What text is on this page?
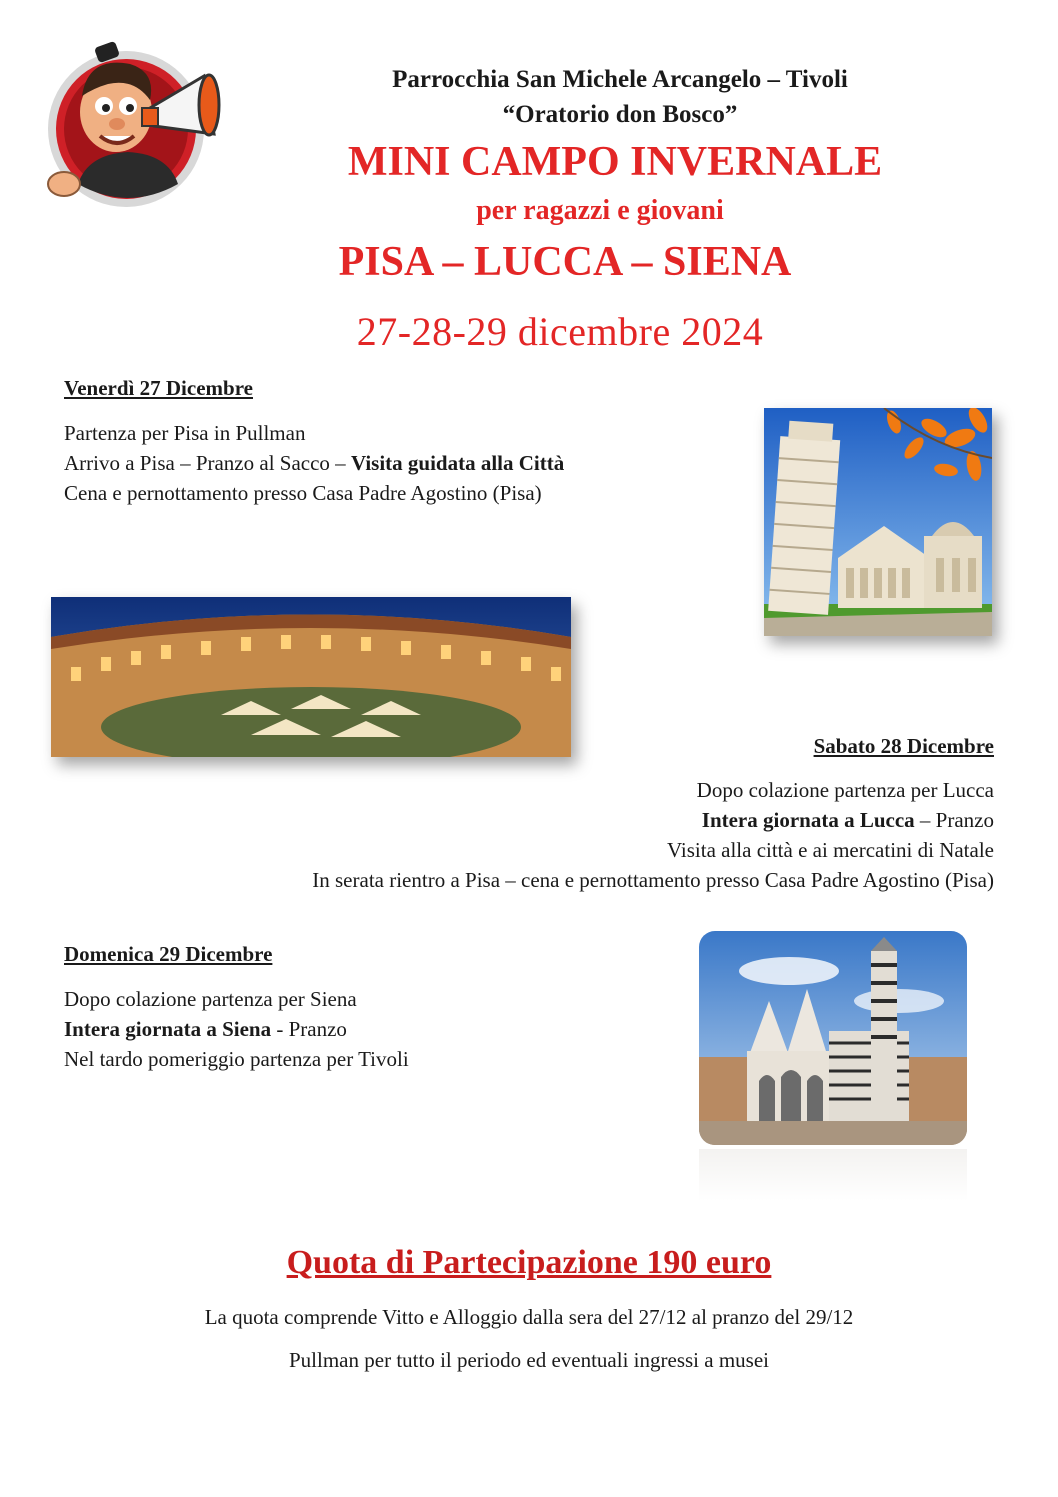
Parrocchia San Michele Arcangelo – Tivoli
“Oratorio don Bosco”
MINI CAMPO INVERNALE
per ragazzi e giovani
PISA – LUCCA – SIENA
27-28-29 dicembre 2024
Venerdì 27 Dicembre
Partenza per Pisa in Pullman
Arrivo a Pisa – Pranzo al Sacco – Visita guidata alla Città
Cena e pernottamento presso Casa Padre Agostino (Pisa)
Sabato 28 Dicembre
Dopo colazione partenza per Lucca
Intera giornata a Lucca – Pranzo
Visita alla città e ai mercatini di Natale
In serata rientro a Pisa – cena e pernottamento presso Casa Padre Agostino (Pisa)
Domenica 29 Dicembre
Dopo colazione partenza per Siena
Intera giornata a Siena - Pranzo
Nel tardo pomeriggio partenza per Tivoli
Quota di Partecipazione 190 euro
La quota comprende Vitto e Alloggio dalla sera del 27/12 al pranzo del 29/12
Pullman per tutto il periodo ed eventuali ingressi a musei
